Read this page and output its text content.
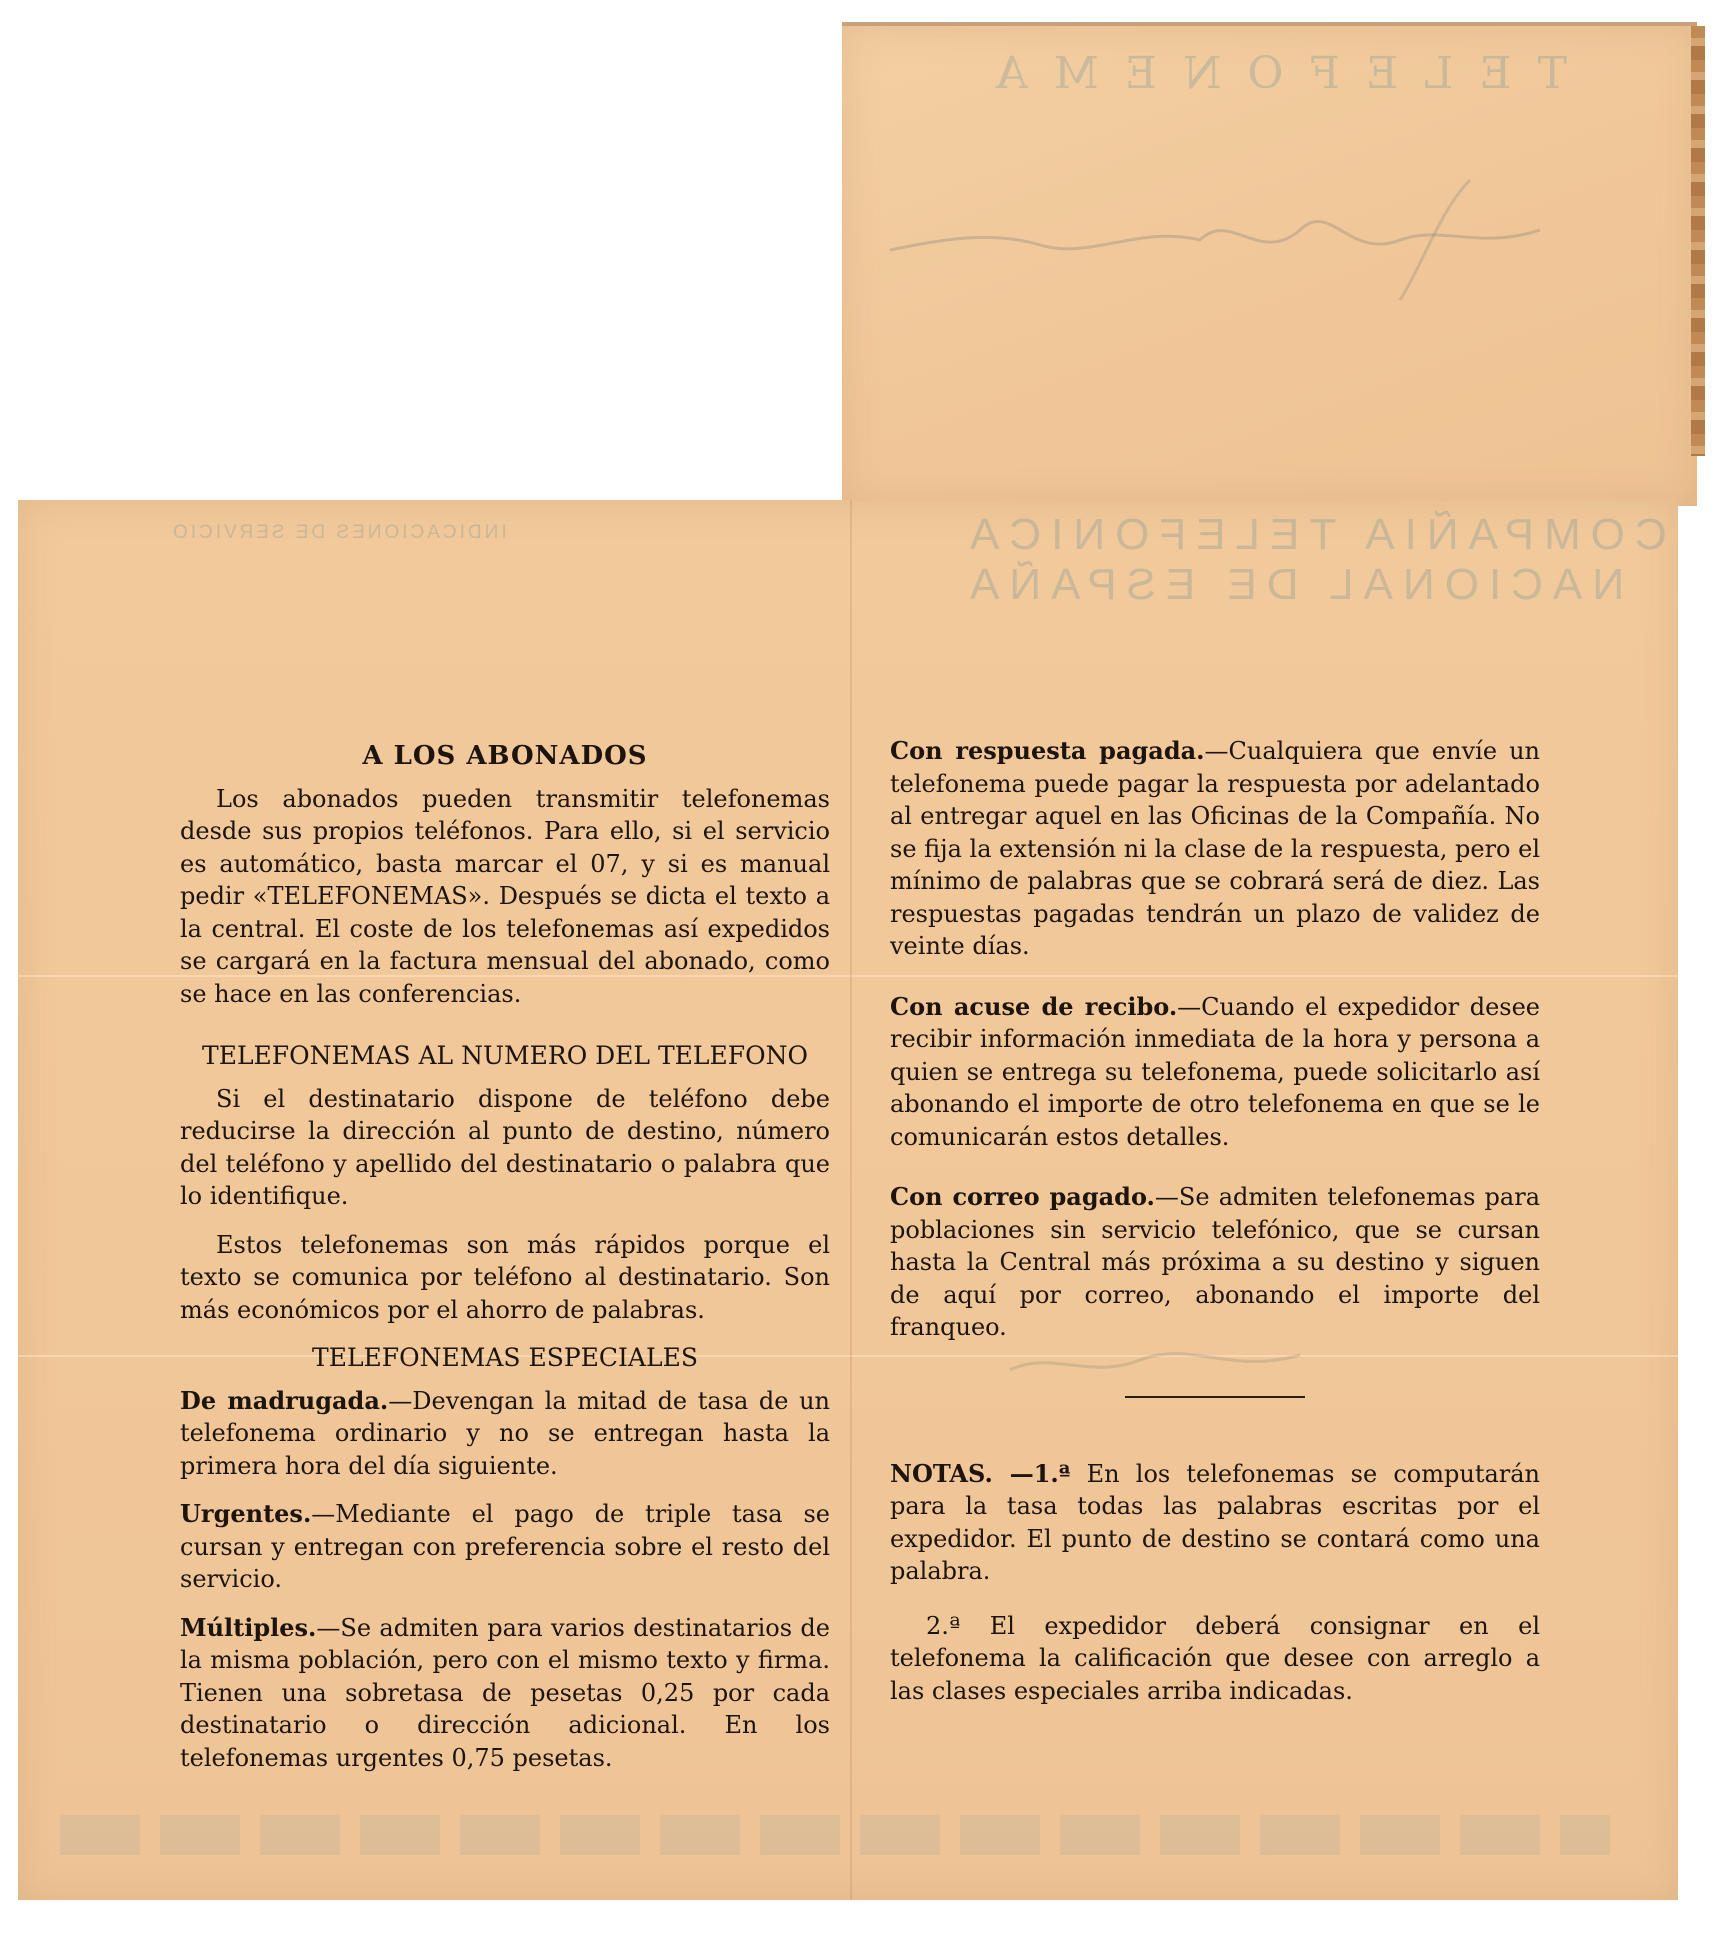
TELEFONEMA
COMPAÑIA TELEFONICA
NACIONAL DE ESPAÑA
INDICACIONES DE SERVICIO
A LOS ABONADOS

Los abonados pueden transmitir telefonemas desde sus propios teléfonos. Para ello, si el servicio es automático, basta marcar el 07, y si es manual pedir «TELEFONEMAS». Después se dicta el texto a la central. El coste de los telefonemas así expedidos se cargará en la factura mensual del abonado, como se hace en las conferencias.

TELEFONEMAS AL NUMERO DEL TELEFONO

Si el destinatario dispone de teléfono debe reducirse la dirección al punto de destino, número del teléfono y apellido del destinatario o palabra que lo identifique.

Estos telefonemas son más rápidos porque el texto se comunica por teléfono al destinatario. Son más económicos por el ahorro de palabras.

TELEFONEMAS ESPECIALES

De madrugada.—Devengan la mitad de tasa de un telefonema ordinario y no se entregan hasta la primera hora del día siguiente.

Urgentes.—Mediante el pago de triple tasa se cursan y entregan con preferencia sobre el resto del servicio.

Múltiples.—Se admiten para varios destinatarios de la misma población, pero con el mismo texto y firma. Tienen una sobretasa de pesetas 0,25 por cada destinatario o dirección adicional. En los telefonemas urgentes 0,75 pesetas.

Con respuesta pagada.—Cualquiera que envíe un telefonema puede pagar la respuesta por adelantado al entregar aquel en las Oficinas de la Compañía. No se fija la extensión ni la clase de la respuesta, pero el mínimo de palabras que se cobrará será de diez. Las respuestas pagadas tendrán un plazo de validez de veinte días.

Con acuse de recibo.—Cuando el expedidor desee recibir información inmediata de la hora y persona a quien se entrega su telefonema, puede solicitarlo así abonando el importe de otro telefonema en que se le comunicarán estos detalles.

Con correo pagado.—Se admiten telefonemas para poblaciones sin servicio telefónico, que se cursan hasta la Central más próxima a su destino y siguen de aquí por correo, abonando el importe del franqueo.

NOTAS. —1.ª En los telefonemas se computarán para la tasa todas las palabras escritas por el expedidor. El punto de destino se contará como una palabra.

2.ª El expedidor deberá consignar en el telefonema la calificación que desee con arreglo a las clases especiales arriba indicadas.
